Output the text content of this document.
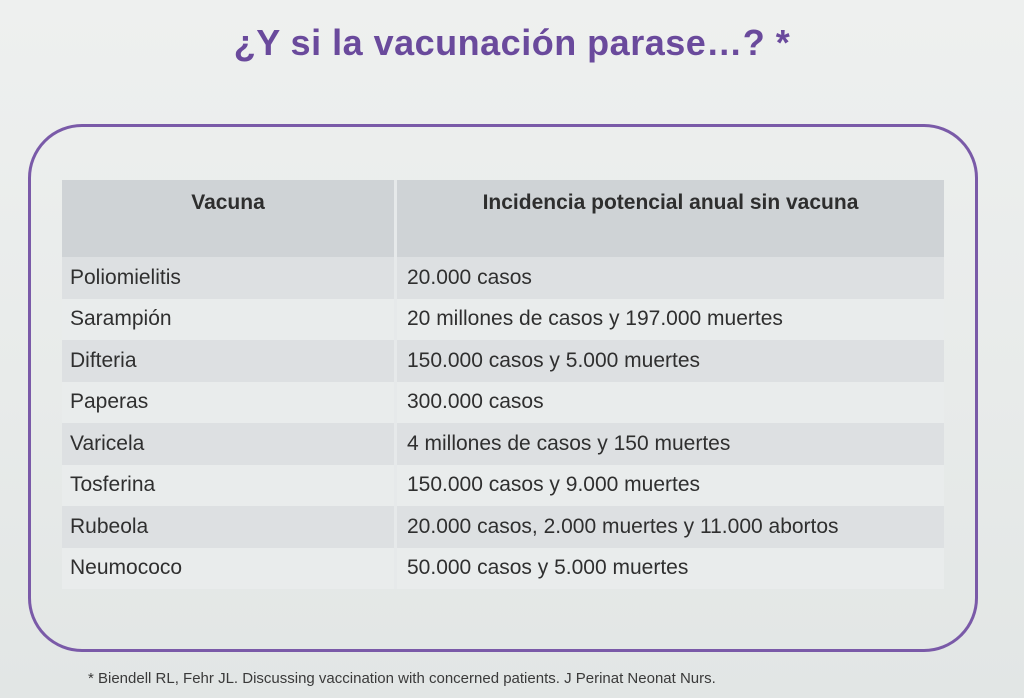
¿Y si la vacunación parase…? *
Vacuna	Incidencia potencial anual sin vacuna
Poliomielitis	20.000 casos
Sarampión	20 millones de casos y 197.000 muertes
Difteria	150.000 casos y 5.000 muertes
Paperas	300.000 casos
Varicela	4 millones de casos y 150 muertes
Tosferina	150.000 casos y 9.000 muertes
Rubeola	20.000 casos, 2.000 muertes y 11.000 abortos
Neumococo	50.000 casos y 5.000 muertes
* Biendell RL, Fehr JL. Discussing vaccination with concerned patients. J Perinat Neonat Nurs.
